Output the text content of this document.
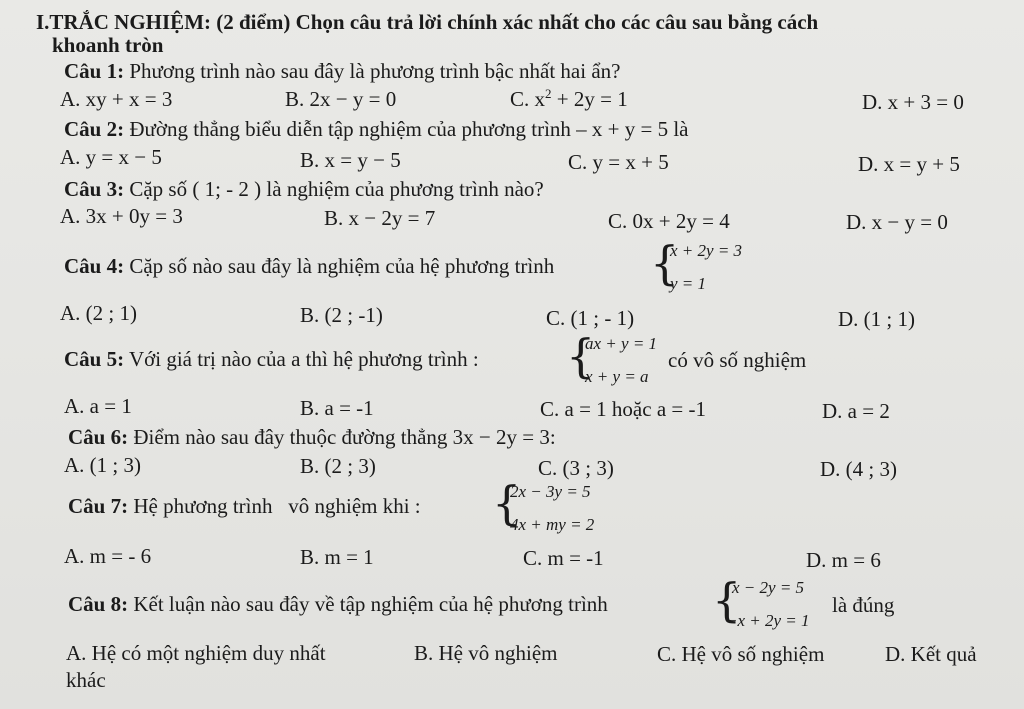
I.TRẮC NGHIỆM: (2 điểm) Chọn câu trả lời chính xác nhất cho các câu sau bằng cách
khoanh tròn
Câu 1: Phương trình nào sau đây là phương trình bậc nhất hai ẩn?
A. xy + x = 3	B. 2x − y = 0	C. $x^2 + 2y = 1$	D. x + 3 = 0
Câu 2: Đường thẳng biểu diễn tập nghiệm của phương trình – x + y = 5 là
A. y = x − 5	B. x = y − 5	C. y = x + 5	D. x = y + 5
Câu 3: Cặp số ( 1; - 2 ) là nghiệm của phương trình nào?
A. 3x + 0y = 3	B. x − 2y = 7	C. 0x + 2y = 4	D. x − y = 0
Câu 4: Cặp số nào sau đây là nghiệm của hệ phương trình {
x + 2y = 3
y = 1
A. (2 ; 1)	B. (2 ; -1)	C. (1 ; - 1)	D. (1 ; 1)
Câu 5: Với giá trị nào của a thì hệ phương trình : {
ax + y = 1
x + y = a
có vô số nghiệm
A. a = 1	B. a = -1	C. a = 1 hoặc a = -1	D. a = 2
Câu 6: Điểm nào sau đây thuộc đường thẳng 3x − 2y = 3:
A. (1 ; 3)	B. (2 ; 3)	C. (3 ; 3)	D. (4 ; 3)
Câu 7: Hệ phương trình   vô nghiệm khi : {
2x − 3y = 5
4x + my = 2
A. m = - 6	B. m = 1	C. m = -1	D. m = 6
Câu 8: Kết luận nào sau đây về tập nghiệm của hệ phương trình {
x − 2y = 5
−x + 2y = 1
là đúng
A. Hệ có một nghiệm duy nhất	B. Hệ vô nghiệm	C. Hệ vô số nghiệm	D. Kết quả
khác
